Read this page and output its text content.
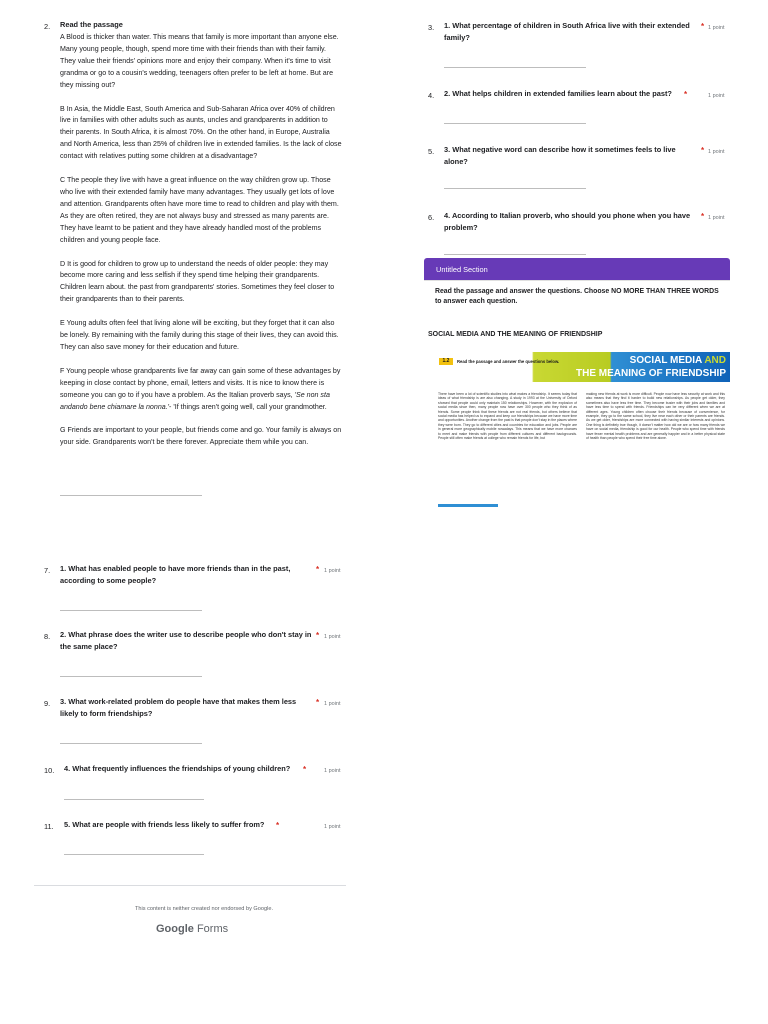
2. Read the passage

A Blood is thicker than water. This means that family is more important than anyone else. Many young people, though, spend more time with their friends than with their family. They value their friends' opinions more and enjoy their company. When it's time to visit grandma or go to a cousin's wedding, teenagers often prefer to be left at home. But are they missing out?

B In Asia, the Middle East, South America and Sub-Saharan Africa over 40% of children live in families with other adults such as aunts, uncles and grandparents in addition to their parents. In South Africa, it is almost 70%. On the other hand, in Europe, Australia and North America, less than 25% of children live in extended families. Is the lack of close contact with relatives putting some children at a disadvantage?

C The people they live with have a great influence on the way children grow up. Those who live with their extended family have many advantages. They usually get lots of love and attention. Grandparents often have more time to read to children and play with them. As they are often retired, they are not always busy and stressed as many parents are. They have learnt to be patient and they have already handled most of the problems children and young people face.

D It is good for children to grow up to understand the needs of older people: they may become more caring and less selfish if they spend time helping their grandparents. Children learn about. the past from grandparents' stories. Sometimes they feel closer to their grandparents than to their parents.

E Young adults often feel that living alone will be exciting, but they forget that it can also be lonely. By remaining with the family during this stage of their lives, they can avoid this. They can also save money for their education and future.

F Young people whose grandparents live far away can gain some of these advantages by keeping in close contact by phone, email, letters and visits. It is nice to know there is someone you can go to if you have a problem. As the Italian proverb says, 'Se non sta andando bene chiamare la nonna.'- 'If things aren't going well, call your grandmother.

G Friends are important to your people, but friends come and go. Your family is always on your side. Grandparents won't be there forever. Appreciate them while you can.

7. 1. What has enabled people to have more friends than in the past, according to some people?
* 1 point
8. 2. What phrase does the writer use to describe people who don't stay in the same place?
* 1 point
9. 3. What work-related problem do people have that makes them less likely to form friendships?
* 1 point
10. 4. What frequently influences the friendships of young children? *	1 point
11. 5. What are people with friends less likely to suffer from? *	1 point
This content is neither created nor endorsed by Google.
Google Forms
3. 1. What percentage of children in South Africa live with their extended family?
* 1 point
4. 2. What helps children in extended families learn about the past? *	1 point
5. 3. What negative word can describe how it sometimes feels to live alone?
* 1 point
6. 4. According to Italian proverb, who should you phone when you have problem?
* 1 point
Untitled Section
Read the passage and answer the questions. Choose NO MORE THAN THREE WORDS to answer each question.
SOCIAL MEDIA AND THE MEANING OF FRIENDSHIP
1.2	Read the passage and answer the questions below.	SOCIAL MEDIA AND
THE MEANING OF FRIENDSHIP
There have been a lot of scientific studies into what makes a friendship. It seems today that ideas of what friendship is are also changing. A study in 1993 at the University of Oxford showed that people could only maintain 150 relationships. However, with the explosion of social media since then, many people now have over 300 people who they think of as friends. Some people think that these friends are not real friends, but others believe that social media has helped us to expand and keep our friendships because we have more time and opportunities. Another change from the past is that people don't stay in the places where they were born. They go to different cities and countries for education and jobs. People are in general more geographically mobile nowadays. This means that we have more chances to meet and make friends with people from different cultures and different backgrounds. People still often make friends at college who remain friends for life, but
making new friends at work is more difficult. People now have less security at work and this also means that they find it harder to build new relationships. As people get older, they sometimes also have less free time. They become busier with their jobs and families and have less time to spend with friends. Friendships can be very different when we are at different ages. Young children often choose their friends because of convenience, for example, they go to the same school, they live near each other or their parents are friends. As we get older, friendships are more connected with having similar interests and opinions. One thing is definitely true though, it doesn't matter how old we are or how many friends we have on social media, friendship is good for our health. People who spend time with friends have fewer mental health problems and are generally happier and in a better physical state of health than people who spend their free time alone.
